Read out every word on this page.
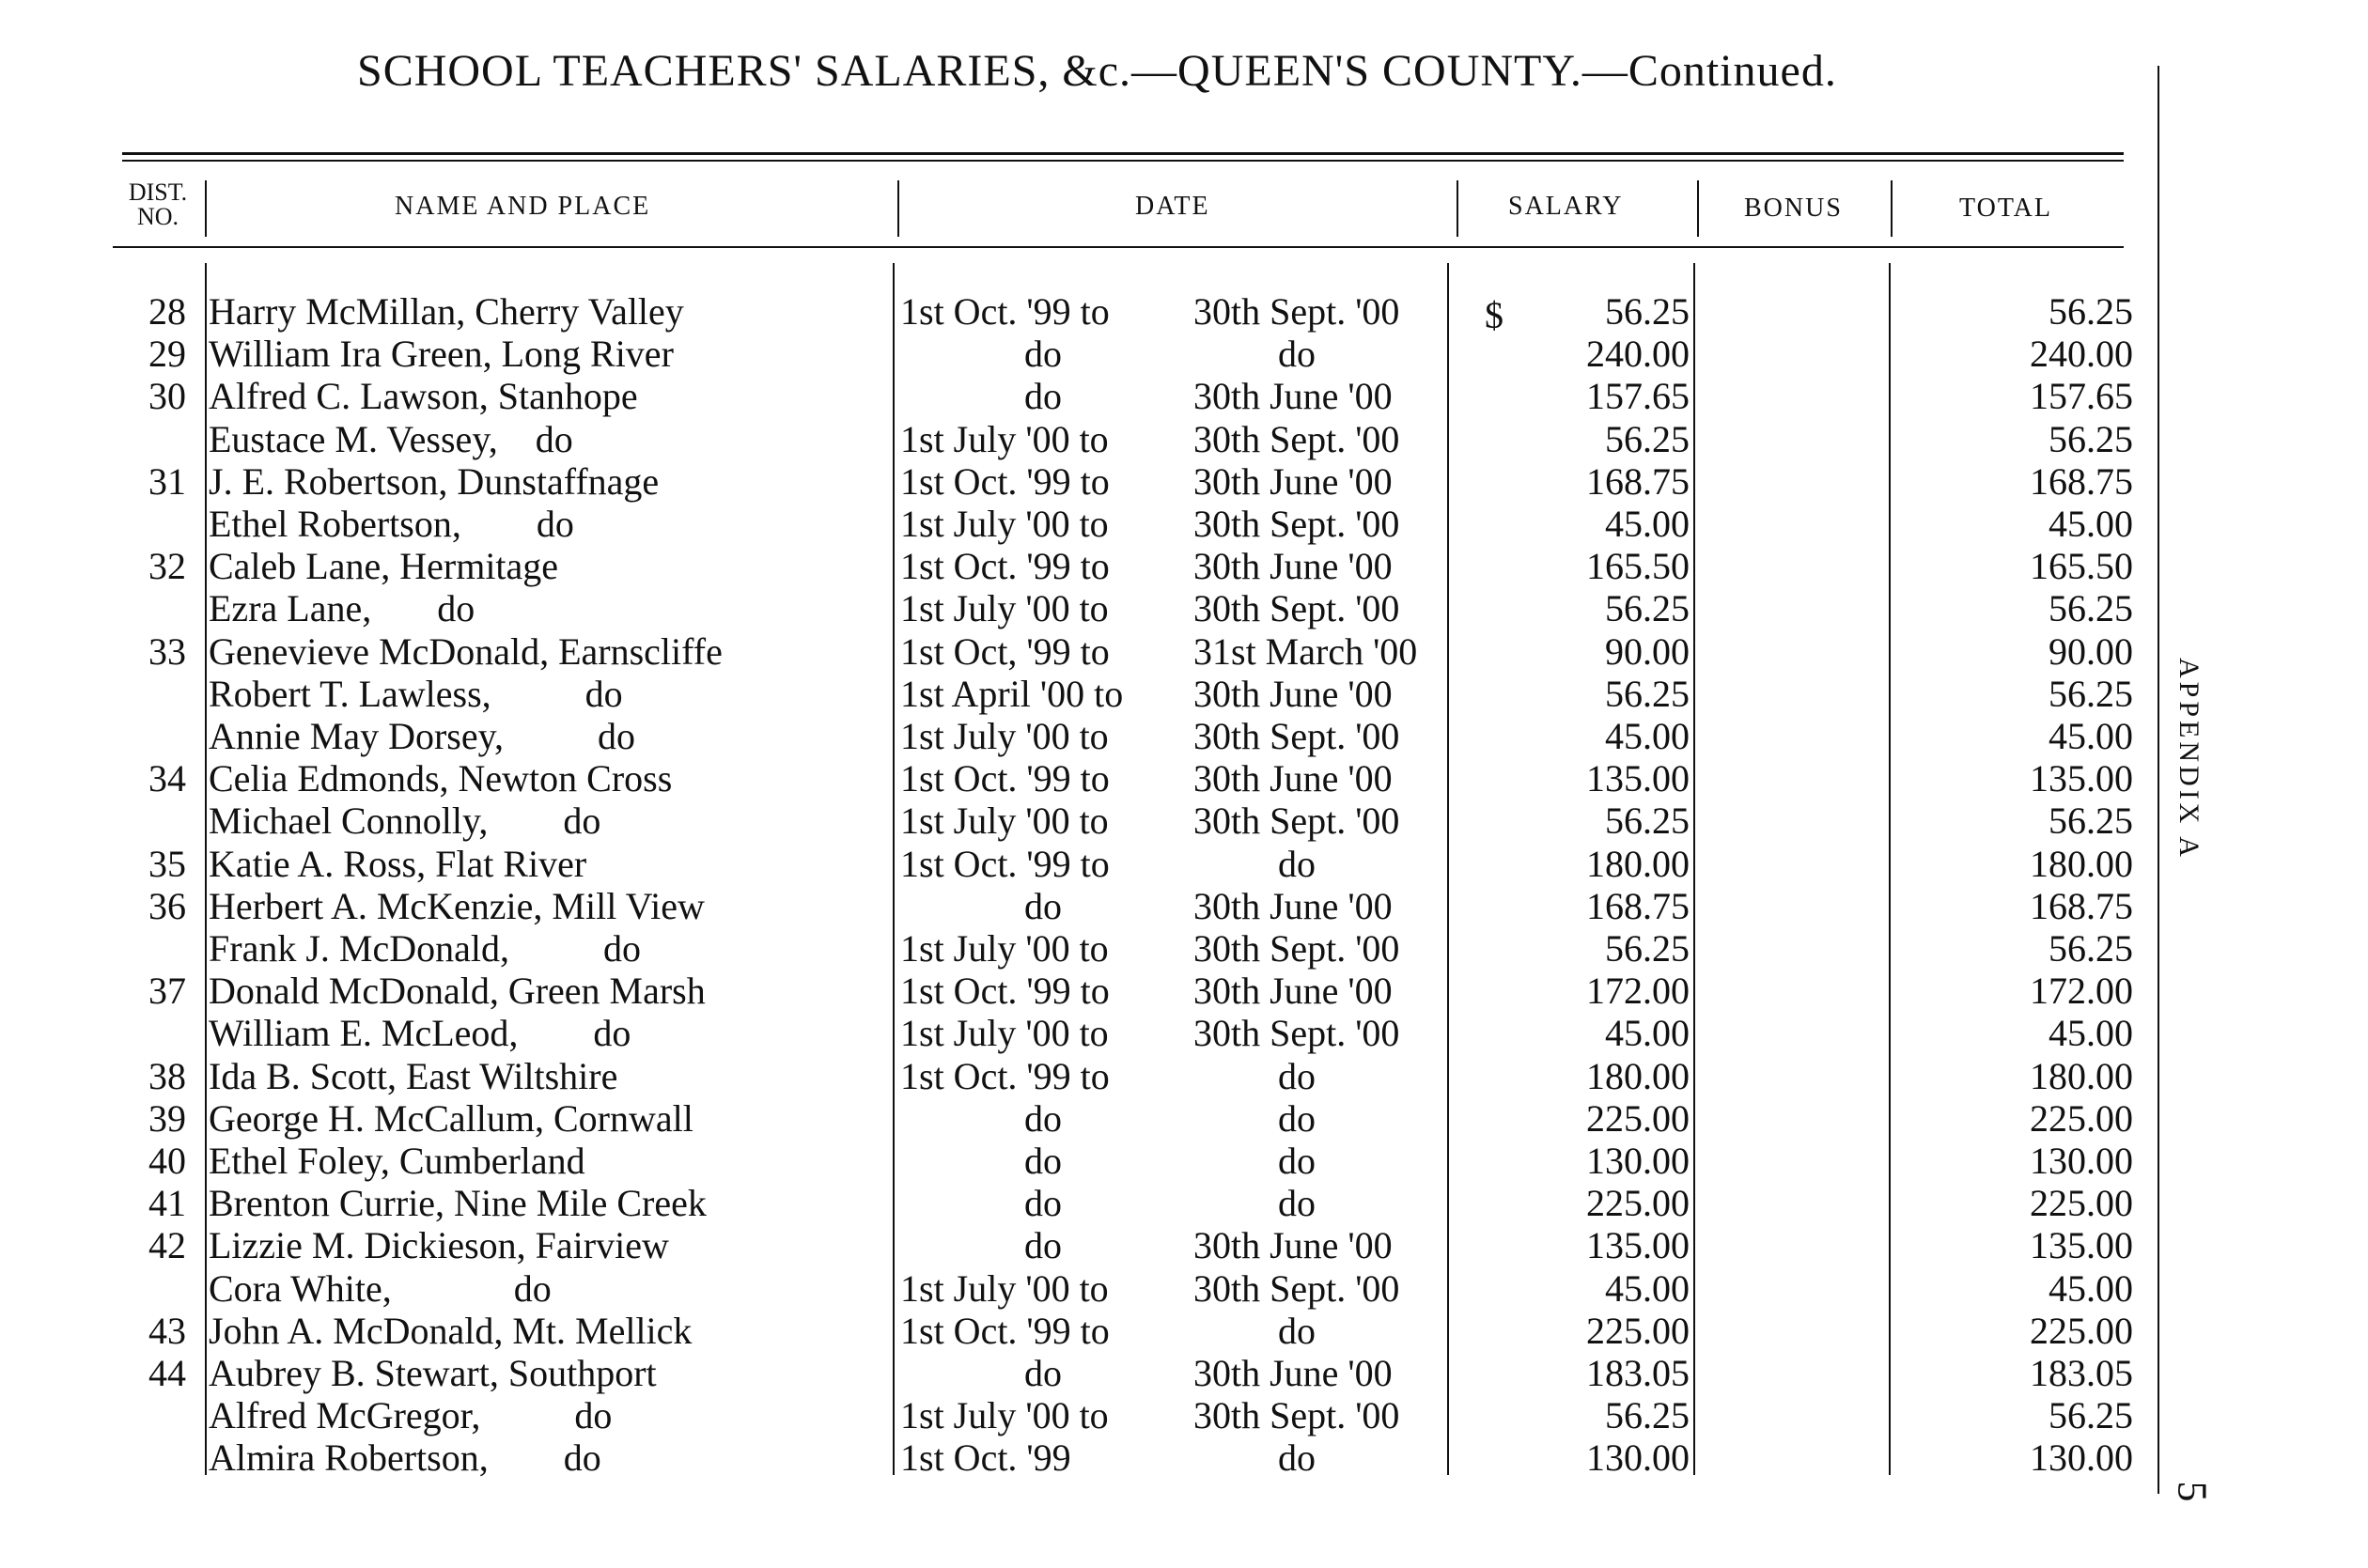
SCHOOL TEACHERS' SALARIES, &c.—QUEEN'S COUNTY.—Continued.
DIST.
NO.	NAME AND PLACE	DATE	SALARY	BONUS	TOTAL
$
28 Harry McMillan, Cherry Valley	1st Oct. '99 to 30th Sept. '00	56.25	56.25
29 William Ira Green, Long River	do	do	240.00	240.00
30 Alfred C. Lawson, Stanhope	do	30th June '00	157.65	157.65
Eustace M. Vessey,    do	1st July '00 to 30th Sept. '00	56.25	56.25
31 J. E. Robertson, Dunstaffnage	1st Oct. '99 to 30th June '00	168.75	168.75
Ethel Robertson,        do	1st July '00 to 30th Sept. '00	45.00	45.00
32 Caleb Lane, Hermitage	1st Oct. '99 to 30th June '00	165.50	165.50
Ezra Lane,       do	1st July '00 to 30th Sept. '00	56.25	56.25
33 Genevieve McDonald, Earnscliffe	1st Oct, '99 to 31st March '00	90.00	90.00
Robert T. Lawless,          do	1st April '00 to 30th June '00	56.25	56.25
Annie May Dorsey,          do	1st July '00 to 30th Sept. '00	45.00	45.00
34 Celia Edmonds, Newton Cross	1st Oct. '99 to 30th June '00	135.00	135.00
Michael Connolly,        do	1st July '00 to 30th Sept. '00	56.25	56.25
35 Katie A. Ross, Flat River	1st Oct. '99 to	do	180.00	180.00
36 Herbert A. McKenzie, Mill View	do	30th June '00	168.75	168.75
Frank J. McDonald,          do	1st July '00 to 30th Sept. '00	56.25	56.25
37 Donald McDonald, Green Marsh	1st Oct. '99 to 30th June '00	172.00	172.00
William E. McLeod,        do	1st July '00 to 30th Sept. '00	45.00	45.00
38 Ida B. Scott, East Wiltshire	1st Oct. '99 to	do	180.00	180.00
39 George H. McCallum, Cornwall	do	do	225.00	225.00
40 Ethel Foley, Cumberland	do	do	130.00	130.00
41 Brenton Currie, Nine Mile Creek	do	do	225.00	225.00
42 Lizzie M. Dickieson, Fairview	do	30th June '00	135.00	135.00
Cora White,             do	1st July '00 to 30th Sept. '00	45.00	45.00
43 John A. McDonald, Mt. Mellick	1st Oct. '99 to	do	225.00	225.00
44 Aubrey B. Stewart, Southport	do	30th June '00	183.05	183.05
Alfred McGregor,          do	1st July '00 to 30th Sept. '00	56.25	56.25
Almira Robertson,        do	1st Oct. '99	do	130.00	130.00
APPENDIX A
5
